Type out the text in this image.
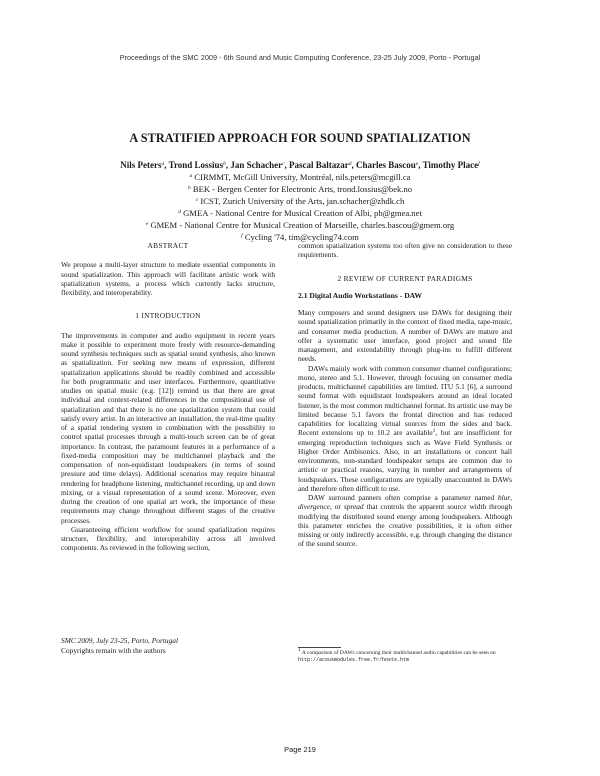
Proceedings of the SMC 2009 - 6th Sound and Music Computing Conference, 23-25 July 2009, Porto - Portugal
A STRATIFIED APPROACH FOR SOUND SPATIALIZATION
Nils Peters$^a$, Trond Lossius$^b$, Jan Schacher$^c$, Pascal Baltazar$^d$, Charles Bascou$^e$, Timothy Place$^f$
$^a$ CIRMMT, McGill University, Montréal, nils.peters@mcgill.ca
$^b$ BEK - Bergen Center for Electronic Arts, trond.lossius@bek.no
$^c$ ICST, Zurich University of the Arts, jan.schacher@zhdk.ch
$^d$ GMEA - National Centre for Musical Creation of Albi, pb@gmea.net
$^e$ GMEM - National Centre for Musical Creation of Marseille, charles.bascou@gmem.org
$^f$ Cycling '74, tim@cycling74.com

ABSTRACT

We propose a multi-layer structure to mediate essential components in sound spatialization. This approach will facilitate artistic work with spatialization systems, a process which currently lacks structure, flexibility, and interoperability.

1 INTRODUCTION

The improvements in computer and audio equipment in recent years make it possible to experiment more freely with resource-demanding sound synthesis techniques such as spatial sound synthesis, also known as spatialization. For seeking new means of expression, different spatialization applications should be readily combined and accessible for both programmatic and user interfaces. Furthermore, quantitative studies on spatial music (e.g. [12]) remind us that there are great individual and context-related differences in the compositional use of spatialization and that there is no one spatialization system that could satisfy every artist. In an interactive art installation, the real-time quality of a spatial rendering system in combination with the possibility to control spatial processes through a multi-touch screen can be of great importance. In contrast, the paramount features in a performance of a fixed-media composition may be multichannel playback and the compensation of non-equidistant loudspeakers (in terms of sound pressure and time delays). Additional scenarios may require binaural rendering for headphone listening, multichannel recording, up and down mixing, or a visual representation of a sound scene. Moreover, even during the creation of one spatial art work, the importance of these requirements may change throughout different stages of the creative processes.

Guaranteeing efficient workflow for sound spatialization requires structure, flexibility, and interoperability across all involved components. As reviewed in the following section,

SMC 2009, July 23-25, Porto, Portugal
Copyrights remain with the authors

common spatialization systems too often give no consideration to these requirements.

2 REVIEW OF CURRENT PARADIGMS

2.1 Digital Audio Workstations - DAW

Many composers and sound designers use DAWs for designing their sound spatialization primarily in the context of fixed media, tape-music, and consumer media production. A number of DAWs are mature and offer a systematic user interface, good project and sound file management, and extendability through plug-ins to fulfill different needs.

DAWs mainly work with common consumer channel configurations; mono, stereo and 5.1. However, through focusing on consumer media products, multichannel capabilities are limited. ITU 5.1 [6], a surround sound format with equidistant loudspeakers around an ideal located listener, is the most common multichannel format. Its artistic use may be limited because 5.1 favors the frontal direction and has reduced capabilities for localizing virtual sources from the sides and back. Recent extensions up to 10.2 are available$^1$, but are insufficient for emerging reproduction techniques such as Wave Field Synthesis or Higher Order Ambisonics. Also, in art installations or concert hall environments, non-standard loudspeaker setups are common due to artistic or practical reasons, varying in number and arrangements of loudspeakers. These configurations are typically unaccounted in DAWs and therefore often difficult to use.

DAW surround panners often comprise a parameter named blur, divergence, or spread that controls the apparent source width through modifying the distributed sound energy among loudspeakers. Although this parameter enriches the creative possibilities, it is often either missing or only indirectly accessible, e.g. through changing the distance of the sound source.

$^1$ A comparison of DAWs concerning their multichannel audio capabilities can be seen on http://acousmodules.free.fr/hosts.htm
Page 219
